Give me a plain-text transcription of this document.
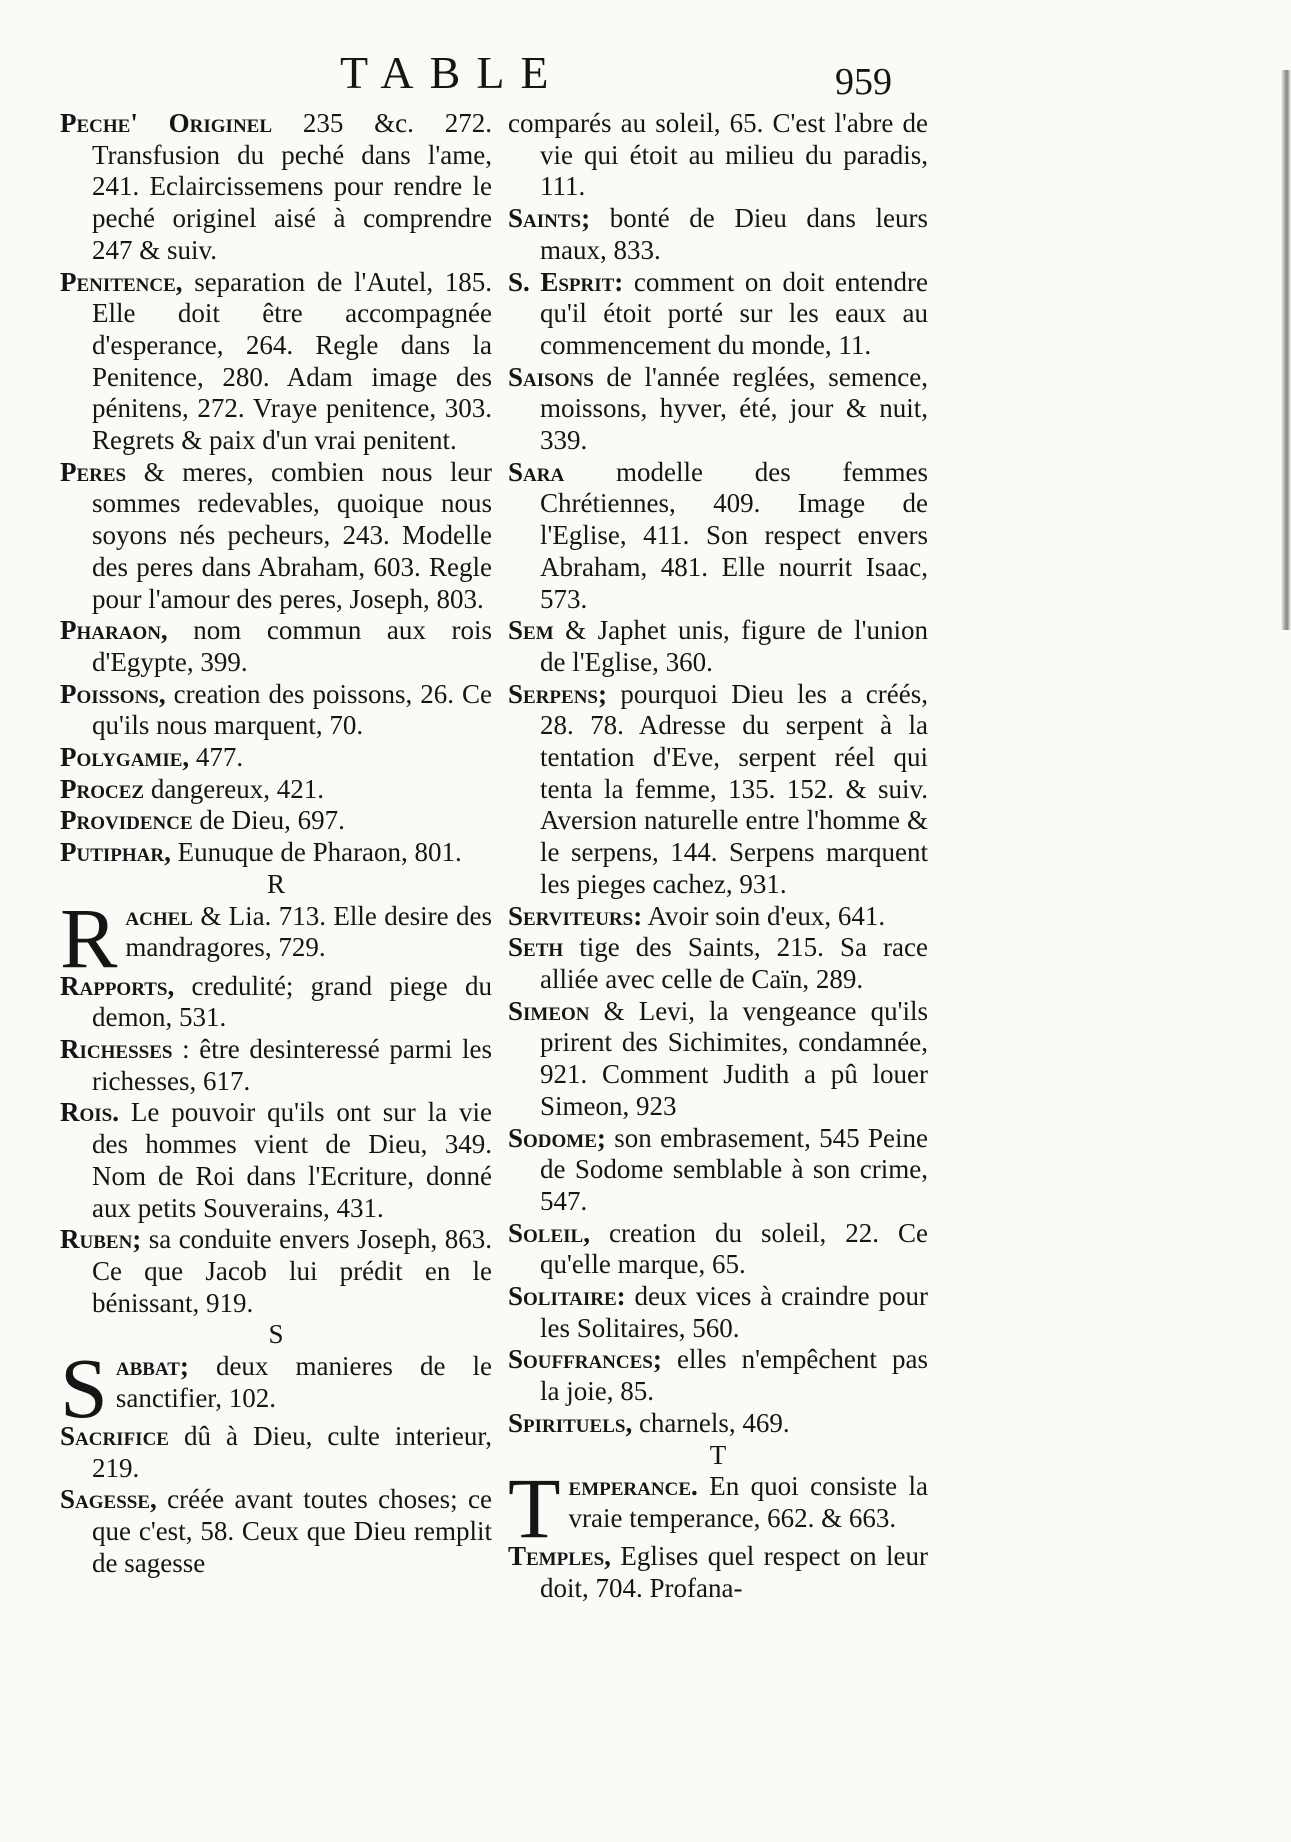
TABLE	959

Peche' Originel 235 &c. 272. Transfusion du peché dans l'ame, 241. Eclaircissemens pour rendre le peché originel aisé à comprendre 247 & suiv.

Penitence, separation de l'Autel, 185. Elle doit être accompagnée d'esperance, 264. Regle dans la Penitence, 280. Adam image des pénitens, 272. Vraye penitence, 303. Regrets & paix d'un vrai penitent.

Peres & meres, combien nous leur sommes redevables, quoique nous soyons nés pecheurs, 243. Modelle des peres dans Abraham, 603. Regle pour l'amour des peres, Joseph, 803.

Pharaon, nom commun aux rois d'Egypte, 399.

Poissons, creation des poissons, 26. Ce qu'ils nous marquent, 70.

Polygamie, 477.

Procez dangereux, 421.

Providence de Dieu, 697.

Putiphar, Eunuque de Pharaon, 801.

R

Rachel & Lia. 713. Elle desire des mandragores, 729.

Rapports, credulité; grand piege du demon, 531.

Richesses : être desinteressé parmi les richesses, 617.

Rois. Le pouvoir qu'ils ont sur la vie des hommes vient de Dieu, 349. Nom de Roi dans l'Ecriture, donné aux petits Souverains, 431.

Ruben; sa conduite envers Joseph, 863. Ce que Jacob lui prédit en le bénissant, 919.

S

Sabbat; deux manieres de le sanctifier, 102.

Sacrifice dû à Dieu, culte interieur, 219.

Sagesse, créée avant toutes choses; ce que c'est, 58. Ceux que Dieu remplit de sagesse

comparés au soleil, 65. C'est l'abre de vie qui étoit au milieu du paradis, 111.

Saints; bonté de Dieu dans leurs maux, 833.

S. Esprit: comment on doit entendre qu'il étoit porté sur les eaux au commencement du monde, 11.

Saisons de l'année reglées, semence, moissons, hyver, été, jour & nuit, 339.

Sara modelle des femmes Chrétiennes, 409. Image de l'Eglise, 411. Son respect envers Abraham, 481. Elle nourrit Isaac, 573.

Sem & Japhet unis, figure de l'union de l'Eglise, 360.

Serpens; pourquoi Dieu les a créés, 28. 78. Adresse du serpent à la tentation d'Eve, serpent réel qui tenta la femme, 135. 152. & suiv. Aversion naturelle entre l'homme & le serpens, 144. Serpens marquent les pieges cachez, 931.

Serviteurs: Avoir soin d'eux, 641.

Seth tige des Saints, 215. Sa race alliée avec celle de Caïn, 289.

Simeon & Levi, la vengeance qu'ils prirent des Sichimites, condamnée, 921. Comment Judith a pû louer Simeon, 923

Sodome; son embrasement, 545 Peine de Sodome semblable à son crime, 547.

Soleil, creation du soleil, 22. Ce qu'elle marque, 65.

Solitaire: deux vices à craindre pour les Solitaires, 560.

Souffrances; elles n'empêchent pas la joie, 85.

Spirituels, charnels, 469.

T

Temperance. En quoi consiste la vraie temperance, 662. & 663.

Temples, Eglises quel respect on leur doit, 704. Profana-
